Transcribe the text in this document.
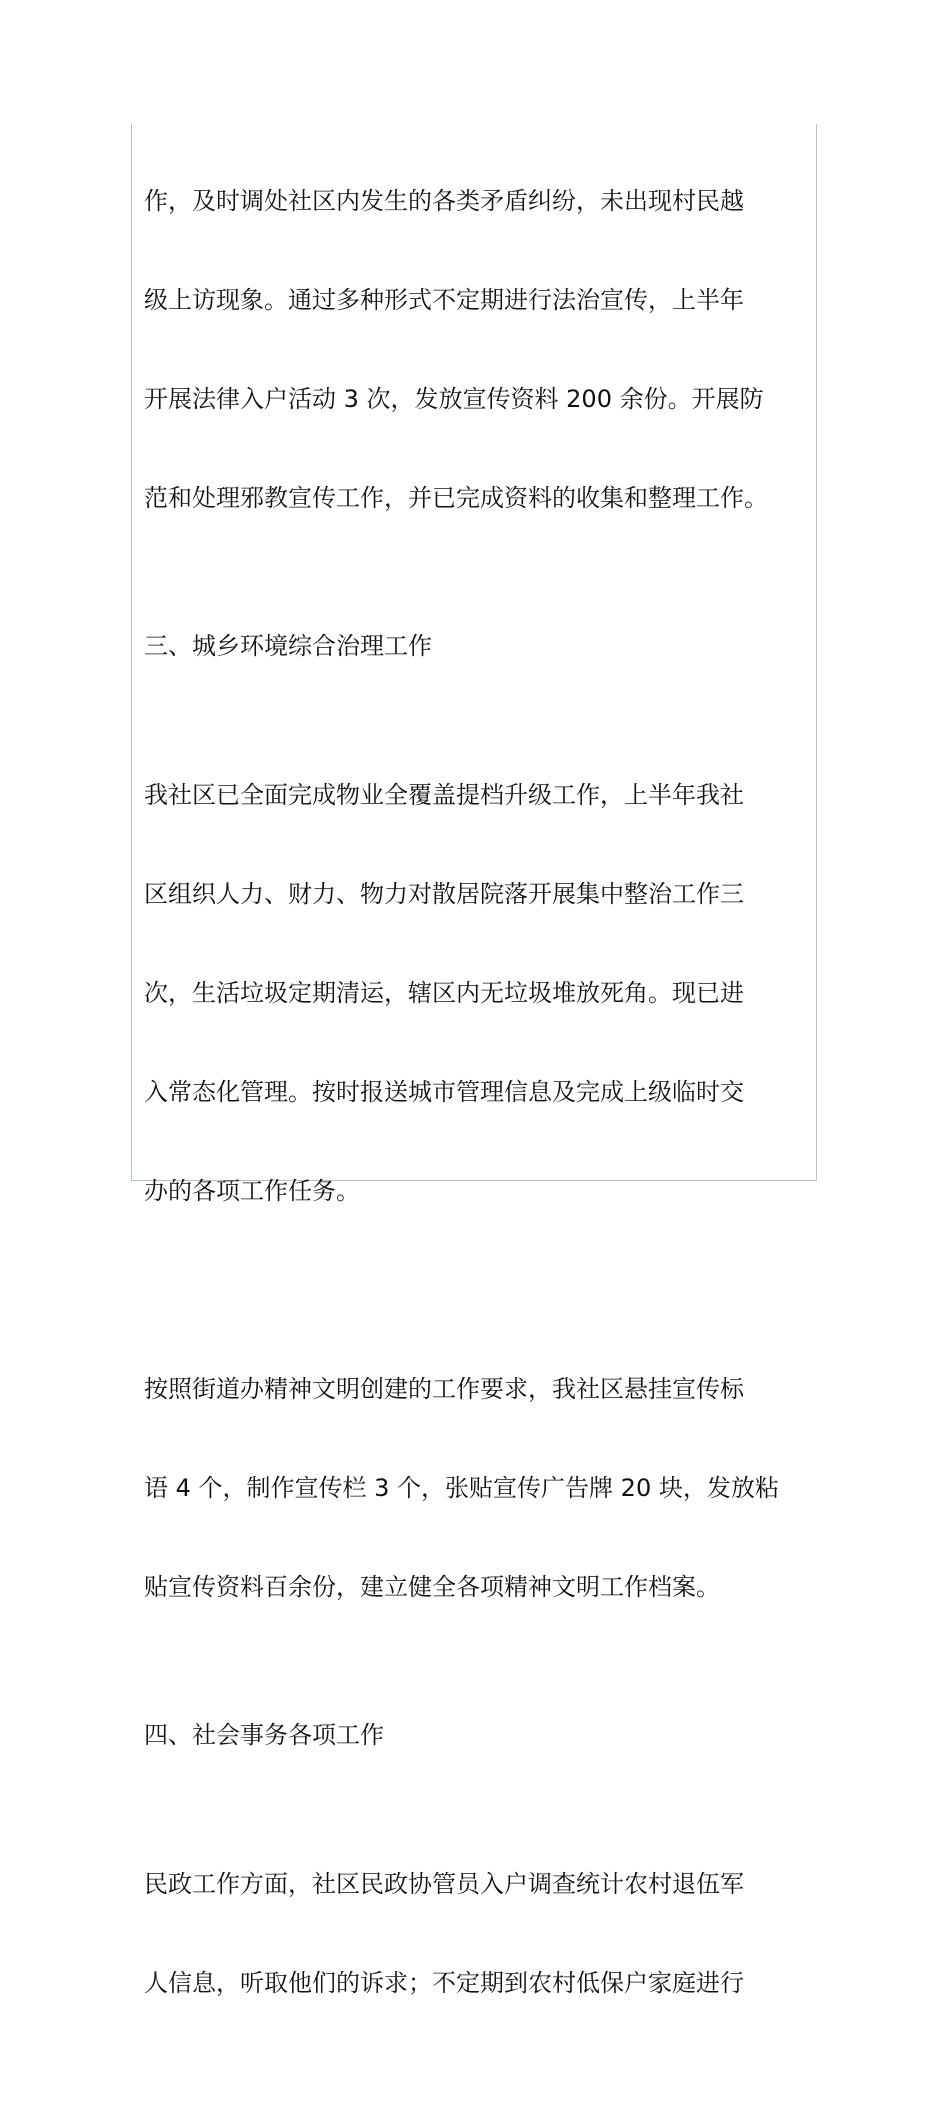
作，及时调处社区内发生的各类矛盾纠纷，未出现村民越

级上访现象。通过多种形式不定期进行法治宣传，上半年

开展法律入户活动 3 次，发放宣传资料 200 余份。开展防

范和处理邪教宣传工作，并已完成资料的收集和整理工作。

三、城乡环境综合治理工作

我社区已全面完成物业全覆盖提档升级工作，上半年我社

区组织人力、财力、物力对散居院落开展集中整治工作三

次，生活垃圾定期清运，辖区内无垃圾堆放死角。现已进

入常态化管理。按时报送城市管理信息及完成上级临时交

办的各项工作任务。

按照街道办精神文明创建的工作要求，我社区悬挂宣传标

语 4 个，制作宣传栏 3 个，张贴宣传广告牌 20 块，发放粘

贴宣传资料百余份，建立健全各项精神文明工作档案。

四、社会事务各项工作

民政工作方面，社区民政协管员入户调查统计农村退伍军

人信息，听取他们的诉求；不定期到农村低保户家庭进行
